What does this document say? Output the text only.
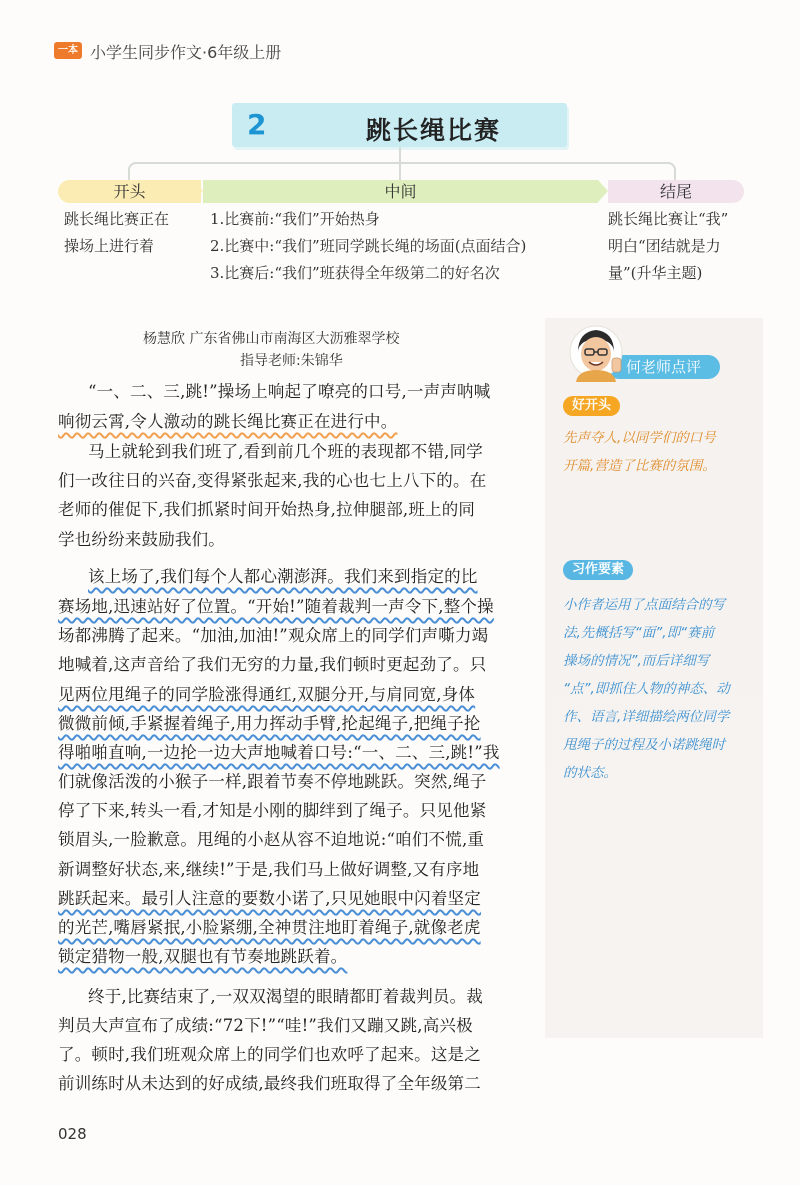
一本 小学生同步作文·6年级上册
2	跳长绳比赛
开头	中间	结尾
跳长绳比赛正在
操场上进行着
1.比赛前:“我们”开始热身
2.比赛中:“我们”班同学跳长绳的场面(点面结合)
3.比赛后:“我们”班获得全年级第二的好名次
跳长绳比赛让“我”
明白“团结就是力
量”(升华主题)
何老师点评
好开头
先声夺人,以同学们的口号
开篇,营造了比赛的氛围。
习作要素
小作者运用了点面结合的写
法,先概括写“面”,即“赛前
操场的情况”,而后详细写
“点”,即抓住人物的神态、动
作、语言,详细描绘两位同学
甩绳子的过程及小诺跳绳时
的状态。
杨慧欣 广东省佛山市南海区大沥雅翠学校
指导老师:朱锦华
“一、二、三,跳!”操场上响起了嘹亮的口号,一声声呐喊
响彻云霄,令人激动的跳长绳比赛正在进行中。
马上就轮到我们班了,看到前几个班的表现都不错,同学
们一改往日的兴奋,变得紧张起来,我的心也七上八下的。在
老师的催促下,我们抓紧时间开始热身,拉伸腿部,班上的同
学也纷纷来鼓励我们。
该上场了,我们每个人都心潮澎湃。我们来到指定的比
赛场地,迅速站好了位置。“开始!”随着裁判一声令下,整个操
场都沸腾了起来。“加油,加油!”观众席上的同学们声嘶力竭
地喊着,这声音给了我们无穷的力量,我们顿时更起劲了。只
见两位甩绳子的同学脸涨得通红,双腿分开,与肩同宽,身体
微微前倾,手紧握着绳子,用力挥动手臂,抡起绳子,把绳子抡
得啪啪直响,一边抡一边大声地喊着口号:“一、二、三,跳!”我
们就像活泼的小猴子一样,跟着节奏不停地跳跃。突然,绳子
停了下来,转头一看,才知是小刚的脚绊到了绳子。只见他紧
锁眉头,一脸歉意。甩绳的小赵从容不迫地说:“咱们不慌,重
新调整好状态,来,继续!”于是,我们马上做好调整,又有序地
跳跃起来。最引人注意的要数小诺了,只见她眼中闪着坚定
的光芒,嘴唇紧抿,小脸紧绷,全神贯注地盯着绳子,就像老虎
锁定猎物一般,双腿也有节奏地跳跃着。
终于,比赛结束了,一双双渴望的眼睛都盯着裁判员。裁
判员大声宣布了成绩:“72下!”“哇!”我们又蹦又跳,高兴极
了。顿时,我们班观众席上的同学们也欢呼了起来。这是之
前训练时从未达到的好成绩,最终我们班取得了全年级第二
028
